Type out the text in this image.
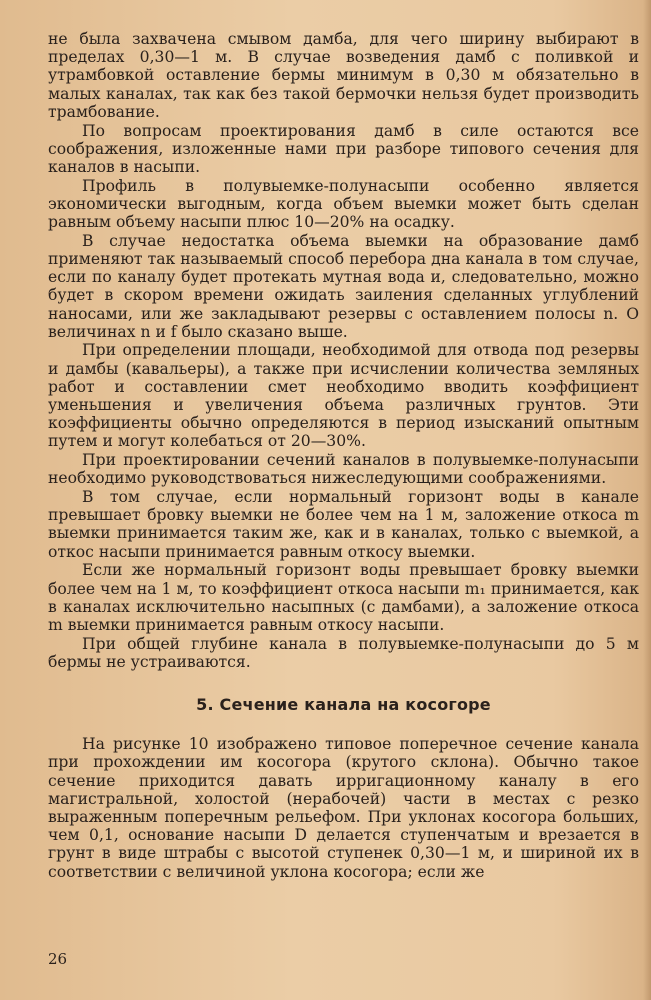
не была захвачена смывом дамба, для чего ширину выбирают в пределах 0,30—1 м. В случае возведения дамб с поливкой и утрамбовкой оставление бермы минимум в 0,30 м обязательно в малых каналах, так как без такой бермочки нельзя будет производить трамбование.

По вопросам проектирования дамб в силе остаются все соображения, изложенные нами при разборе типового сечения для каналов в насыпи.

Профиль в полувыемке-полунасыпи особенно является экономически выгодным, когда объем выемки может быть сделан равным объему насыпи плюс 10—20% на осадку.

В случае недостатка объема выемки на образование дамб применяют так называемый способ перебора дна канала в том случае, если по каналу будет протекать мутная вода и, следовательно, можно будет в скором времени ожидать заиления сделанных углублений наносами, или же закладывают резервы с оставлением полосы n. О величинах n и f было сказано выше.

При определении площади, необходимой для отвода под резервы и дамбы (кавальеры), а также при исчислении количества земляных работ и составлении смет необходимо вводить коэффициент уменьшения и увеличения объема различных грунтов. Эти коэффициенты обычно определяются в период изысканий опытным путем и могут колебаться от 20—30%.

При проектировании сечений каналов в полувыемке-полунасыпи необходимо руководствоваться нижеследующими соображениями.

В том случае, если нормальный горизонт воды в канале превышает бровку выемки не более чем на 1 м, заложение откоса m выемки принимается таким же, как и в каналах, только с выемкой, а откос насыпи принимается равным откосу выемки.

Если же нормальный горизонт воды превышает бровку выемки более чем на 1 м, то коэффициент откоса насыпи m₁ принимается, как в каналах исключительно насыпных (с дамбами), а заложение откоса m выемки принимается равным откосу насыпи.

При общей глубине канала в полувыемке-полунасыпи до 5 м бермы не устраиваются.

5. Сечение канала на косогоре

На рисунке 10 изображено типовое поперечное сечение канала при прохождении им косогора (крутого склона). Обычно такое сечение приходится давать ирригационному каналу в его магистральной, холостой (нерабочей) части в местах с резко выраженным поперечным рельефом. При уклонах косогора больших, чем 0,1, основание насыпи D делается ступенчатым и врезается в грунт в виде штрабы с высотой ступенек 0,30—1 м, и шириной их в соответствии с величиной уклона косогора; если же

26
